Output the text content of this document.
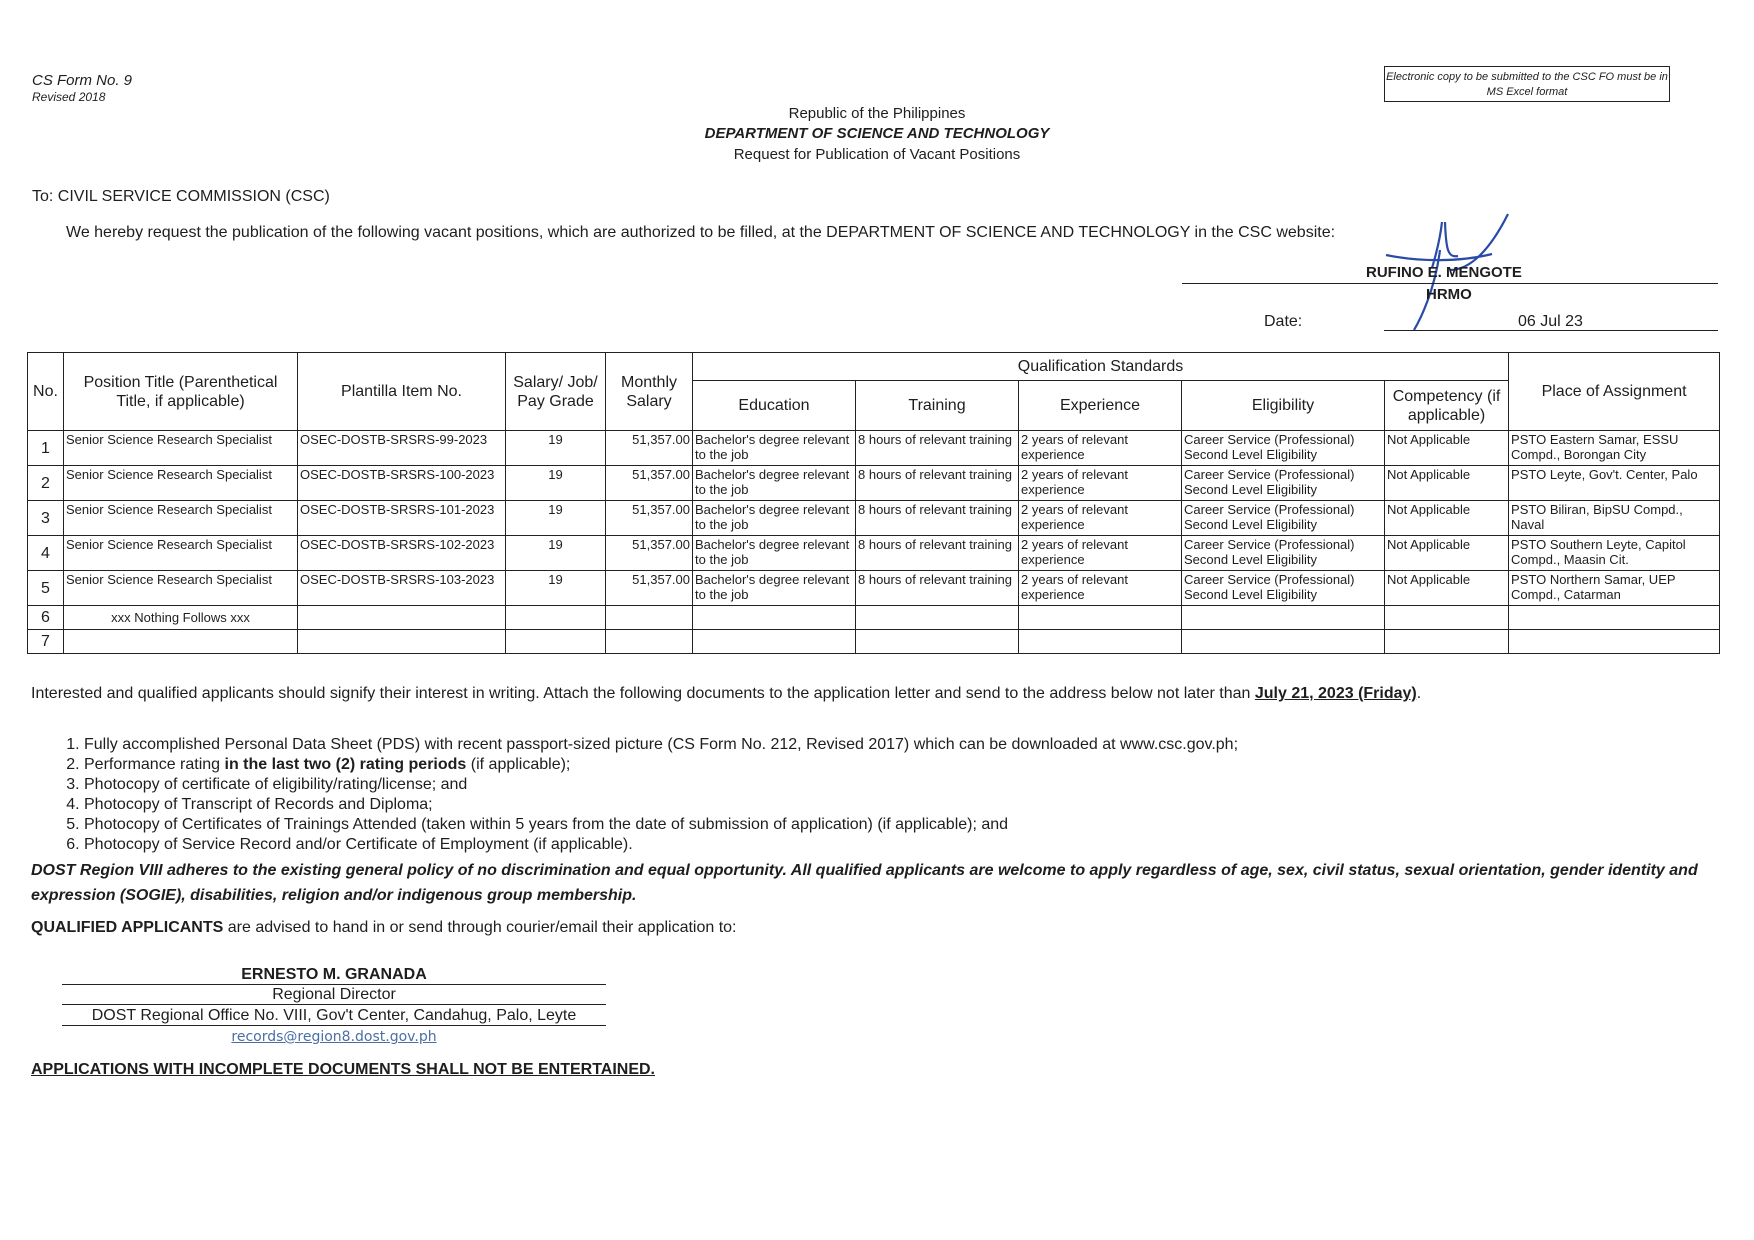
CS Form No. 9
Revised 2018
Electronic copy to be submitted to the CSC FO must be in MS Excel format
Republic of the Philippines
DEPARTMENT OF SCIENCE AND TECHNOLOGY
Request for Publication of Vacant Positions
To: CIVIL SERVICE COMMISSION (CSC)
We hereby request the publication of the following vacant positions, which are authorized to be filled, at the DEPARTMENT OF SCIENCE AND TECHNOLOGY in the CSC website:
RUFINO E. MENGOTE
HRMO
Date:	06 Jul 23
No.	Position Title (Parenthetical Title, if applicable)	Plantilla Item No.	Salary/ Job/ Pay Grade	Monthly Salary	Qualification Standards					Place of Assignment
					Education	Training	Experience	Eligibility	Competency (if applicable)	
1	Senior Science Research Specialist	OSEC-DOSTB-SRSRS-99-2023	19	51,357.00	Bachelor's degree relevant to the job	8 hours of relevant training	2 years of relevant experience	Career Service (Professional) Second Level Eligibility	Not Applicable	PSTO Eastern Samar, ESSU Compd., Borongan City
2	Senior Science Research Specialist	OSEC-DOSTB-SRSRS-100-2023	19	51,357.00	Bachelor's degree relevant to the job	8 hours of relevant training	2 years of relevant experience	Career Service (Professional) Second Level Eligibility	Not Applicable	PSTO Leyte, Gov't. Center, Palo
3	Senior Science Research Specialist	OSEC-DOSTB-SRSRS-101-2023	19	51,357.00	Bachelor's degree relevant to the job	8 hours of relevant training	2 years of relevant experience	Career Service (Professional) Second Level Eligibility	Not Applicable	PSTO Biliran, BipSU Compd., Naval
4	Senior Science Research Specialist	OSEC-DOSTB-SRSRS-102-2023	19	51,357.00	Bachelor's degree relevant to the job	8 hours of relevant training	2 years of relevant experience	Career Service (Professional) Second Level Eligibility	Not Applicable	PSTO Southern Leyte, Capitol Compd., Maasin Cit.
5	Senior Science Research Specialist	OSEC-DOSTB-SRSRS-103-2023	19	51,357.00	Bachelor's degree relevant to the job	8 hours of relevant training	2 years of relevant experience	Career Service (Professional) Second Level Eligibility	Not Applicable	PSTO Northern Samar, UEP Compd., Catarman
6	xxx Nothing Follows xxx									
7										
Interested and qualified applicants should signify their interest in writing. Attach the following documents to the application letter and send to the address below not later than July 21, 2023 (Friday).
1. Fully accomplished Personal Data Sheet (PDS) with recent passport-sized picture (CS Form No. 212, Revised 2017) which can be downloaded at www.csc.gov.ph;
2. Performance rating in the last two (2) rating periods (if applicable);
3. Photocopy of certificate of eligibility/rating/license; and
4. Photocopy of Transcript of Records and Diploma;
5. Photocopy of Certificates of Trainings Attended (taken within 5 years from the date of submission of application) (if applicable); and
6. Photocopy of Service Record and/or Certificate of Employment (if applicable).
DOST Region VIII adheres to the existing general policy of no discrimination and equal opportunity. All qualified applicants are welcome to apply regardless of age, sex, civil status, sexual orientation, gender identity and expression (SOGIE), disabilities, religion and/or indigenous group membership.
QUALIFIED APPLICANTS are advised to hand in or send through courier/email their application to:
ERNESTO M. GRANADA
Regional Director
DOST Regional Office No. VIII, Gov't Center, Candahug, Palo, Leyte
records@region8.dost.gov.ph
APPLICATIONS WITH INCOMPLETE DOCUMENTS SHALL NOT BE ENTERTAINED.
